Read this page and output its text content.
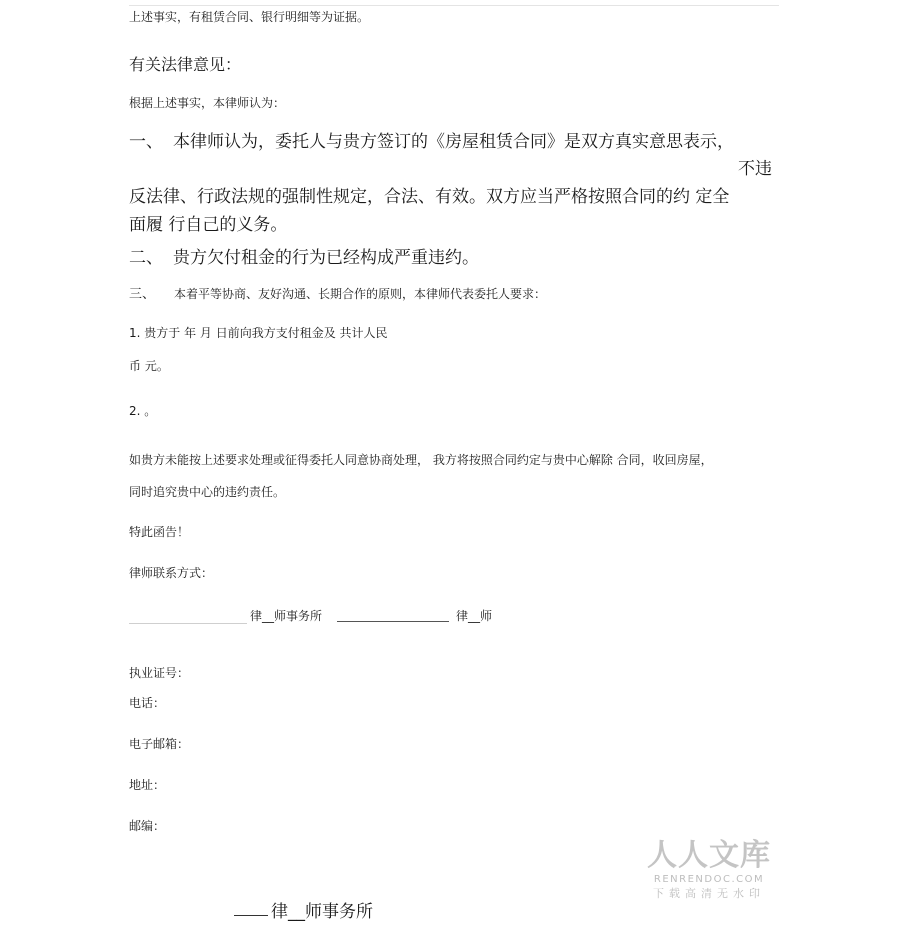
上述事实，有租赁合同、银行明细等为证据。
有关法律意见：
根据上述事实，本律师认为：
一、 本律师认为，委托人与贵方签订的《房屋租赁合同》是双方真实意思表示，
不违
反法律、行政法规的强制性规定，合法、有效。双方应当严格按照合同的约 定全
面履 行自己的义务。
二、 贵方欠付租金的行为已经构成严重违约。
三、 本着平等协商、友好沟通、长期合作的原则，本律师代表委托人要求：
1. 贵方于 年 月 日前向我方支付租金及 共计人民
币 元。
2. 。
如贵方未能按上述要求处理或征得委托人同意协商处理， 我方将按照合同约定与贵中心解除 合同，收回房屋，
同时追究贵中心的违约责任。
特此函告！
律师联系方式：
律__师事务所	律__师
执业证号：
电话：
电子邮箱：
地址：
邮编：
律__师事务所
人人文库
RENRENDOC.COM
下载高清无水印
